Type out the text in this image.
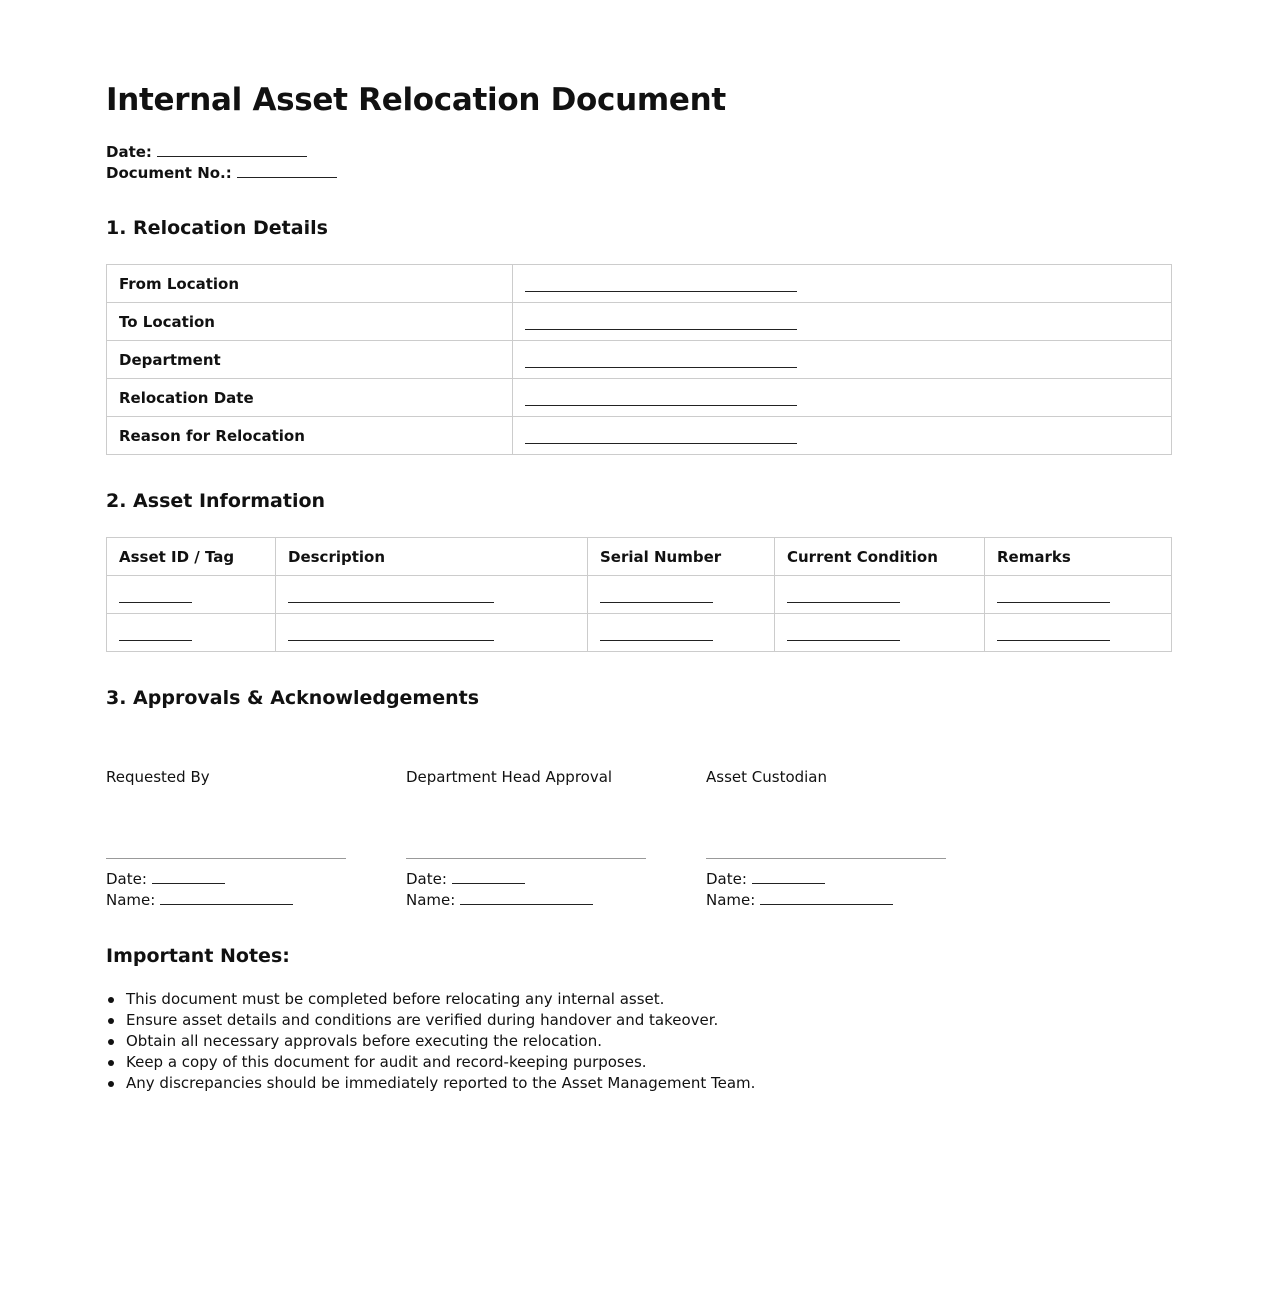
Internal Asset Relocation Document
Date:
Document No.:
1. Relocation Details
From Location	
To Location	
Department	
Relocation Date	
Reason for Relocation	
2. Asset Information
Asset ID / Tag	Description	Serial Number	Current Condition	Remarks

3. Approvals & Acknowledgements
Requested By
Date:
Name:
Department Head Approval
Date:
Name:
Asset Custodian
Date:
Name:
Important Notes:
This document must be completed before relocating any internal asset.
Ensure asset details and conditions are verified during handover and takeover.
Obtain all necessary approvals before executing the relocation.
Keep a copy of this document for audit and record-keeping purposes.
Any discrepancies should be immediately reported to the Asset Management Team.
